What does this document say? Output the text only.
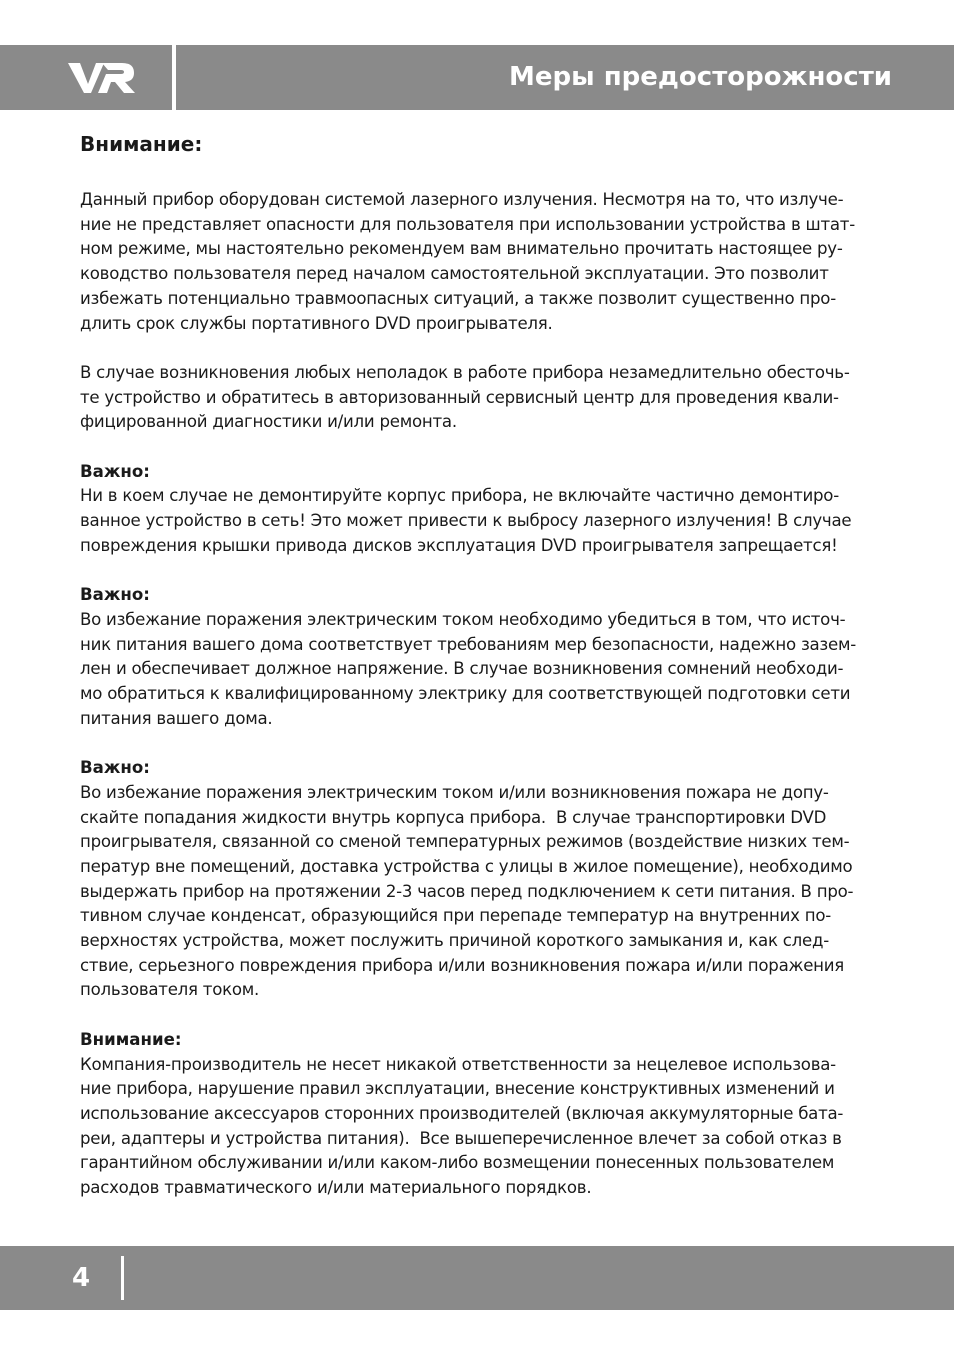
Меры предосторожности
Внимание:
Данный прибор оборудован системой лазерного излучения. Несмотря на то, что излуче-
ние не представляет опасности для пользователя при использовании устройства в штат-
ном режиме, мы настоятельно рекомендуем вам внимательно прочитать настоящее ру-
ководство пользователя перед началом самостоятельной эксплуатации. Это позволит
избежать потенциально травмоопасных ситуаций, а также позволит существенно про-
длить срок службы портативного DVD проигрывателя.
В случае возникновения любых неполадок в работе прибора незамедлительно обесточь-
те устройство и обратитесь в авторизованный сервисный центр для проведения квали-
фицированной диагностики и/или ремонта.
Важно:
Ни в коем случае не демонтируйте корпус прибора, не включайте частично демонтиро-
ванное устройство в сеть! Это может привести к выбросу лазерного излучения! В случае
повреждения крышки привода дисков эксплуатация DVD проигрывателя запрещается!
Важно:
Во избежание поражения электрическим током необходимо убедиться в том, что источ-
ник питания вашего дома соответствует требованиям мер безопасности, надежно зазем-
лен и обеспечивает должное напряжение. В случае возникновения сомнений необходи-
мо обратиться к квалифицированному электрику для соответствующей подготовки сети
питания вашего дома.
Важно:
Во избежание поражения электрическим током и/или возникновения пожара не допу-
скайте попадания жидкости внутрь корпуса прибора.  В случае транспортировки DVD
проигрывателя, связанной со сменой температурных режимов (воздействие низких тем-
ператур вне помещений, доставка устройства с улицы в жилое помещение), необходимо
выдержать прибор на протяжении 2-3 часов перед подключением к сети питания. В про-
тивном случае конденсат, образующийся при перепаде температур на внутренних по-
верхностях устройства, может послужить причиной короткого замыкания и, как след-
ствие, серьезного повреждения прибора и/или возникновения пожара и/или поражения
пользователя током.
Внимание:
Компания-производитель не несет никакой ответственности за нецелевое использова-
ние прибора, нарушение правил эксплуатации, внесение конструктивных изменений и
использование аксессуаров сторонних производителей (включая аккумуляторные бата-
реи, адаптеры и устройства питания).  Все вышеперечисленное влечет за собой отказ в
гарантийном обслуживании и/или каком-либо возмещении понесенных пользователем
расходов травматического и/или материального порядков.
4
